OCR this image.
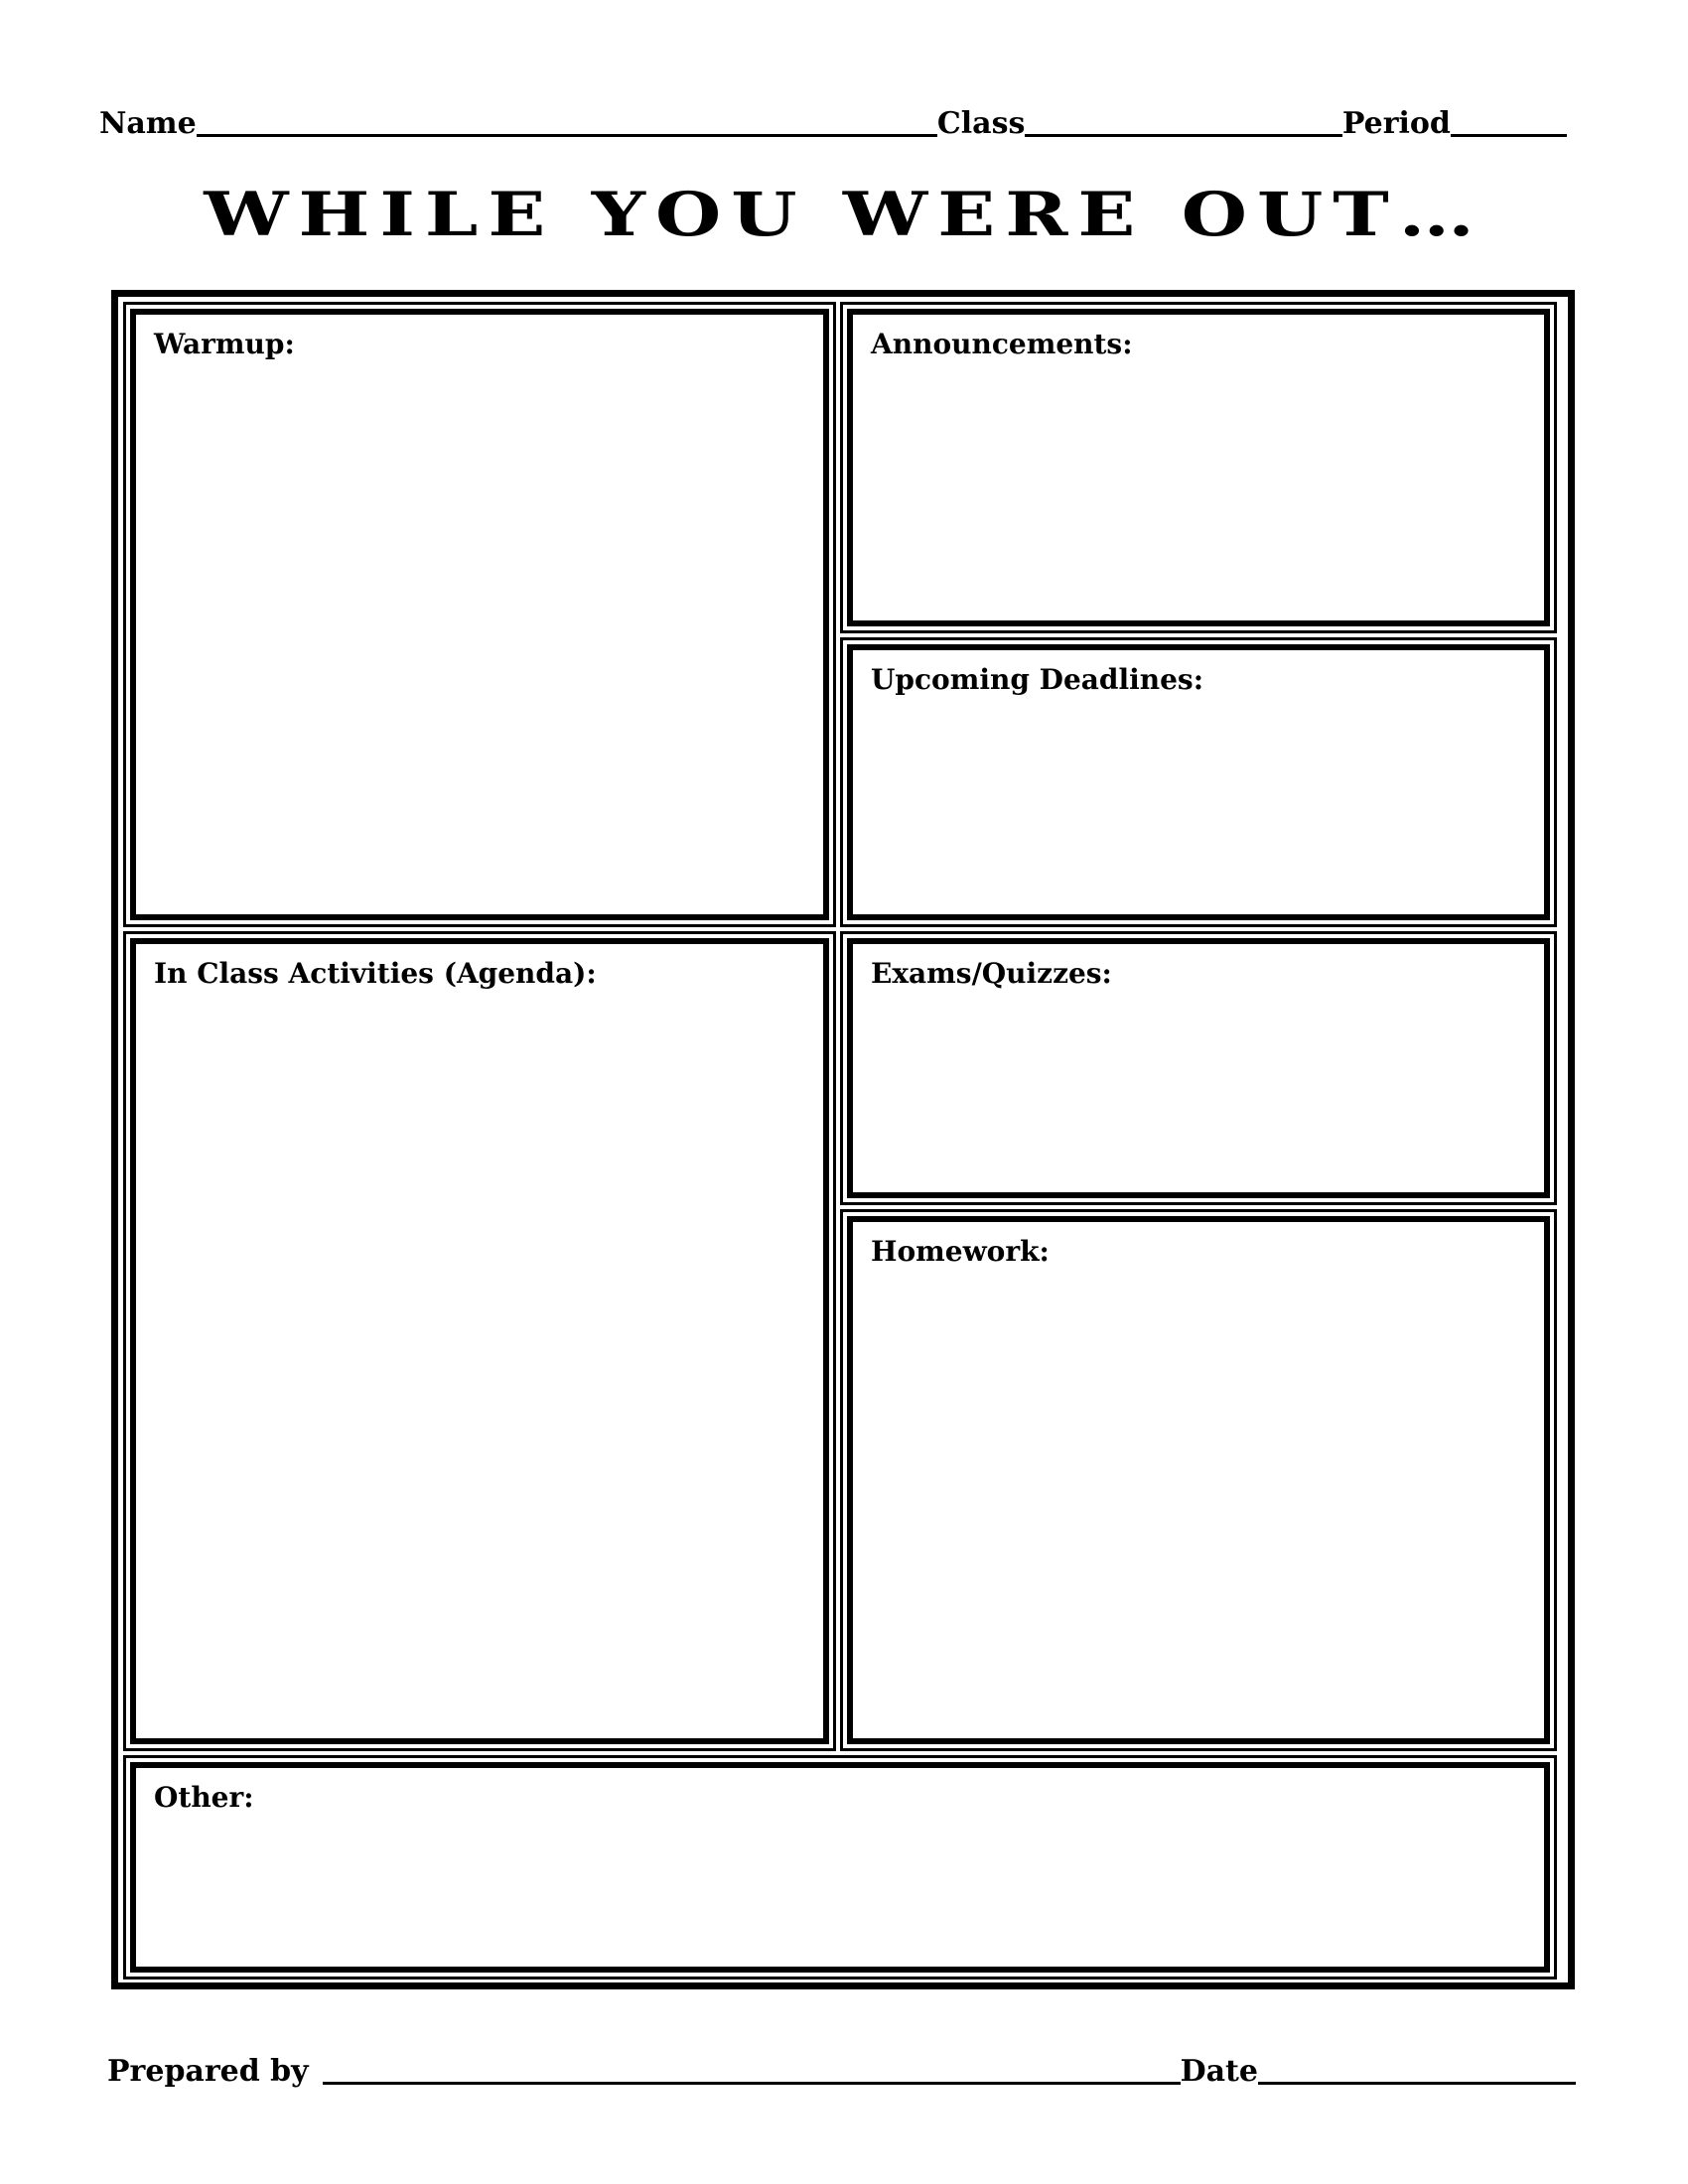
Name	Class	Period
WHILE YOU WERE OUT…
Warmup:	Announcements:
Upcoming Deadlines:
In Class Activities (Agenda):	Exams/Quizzes:
Homework:
Other:
Prepared by	Date
